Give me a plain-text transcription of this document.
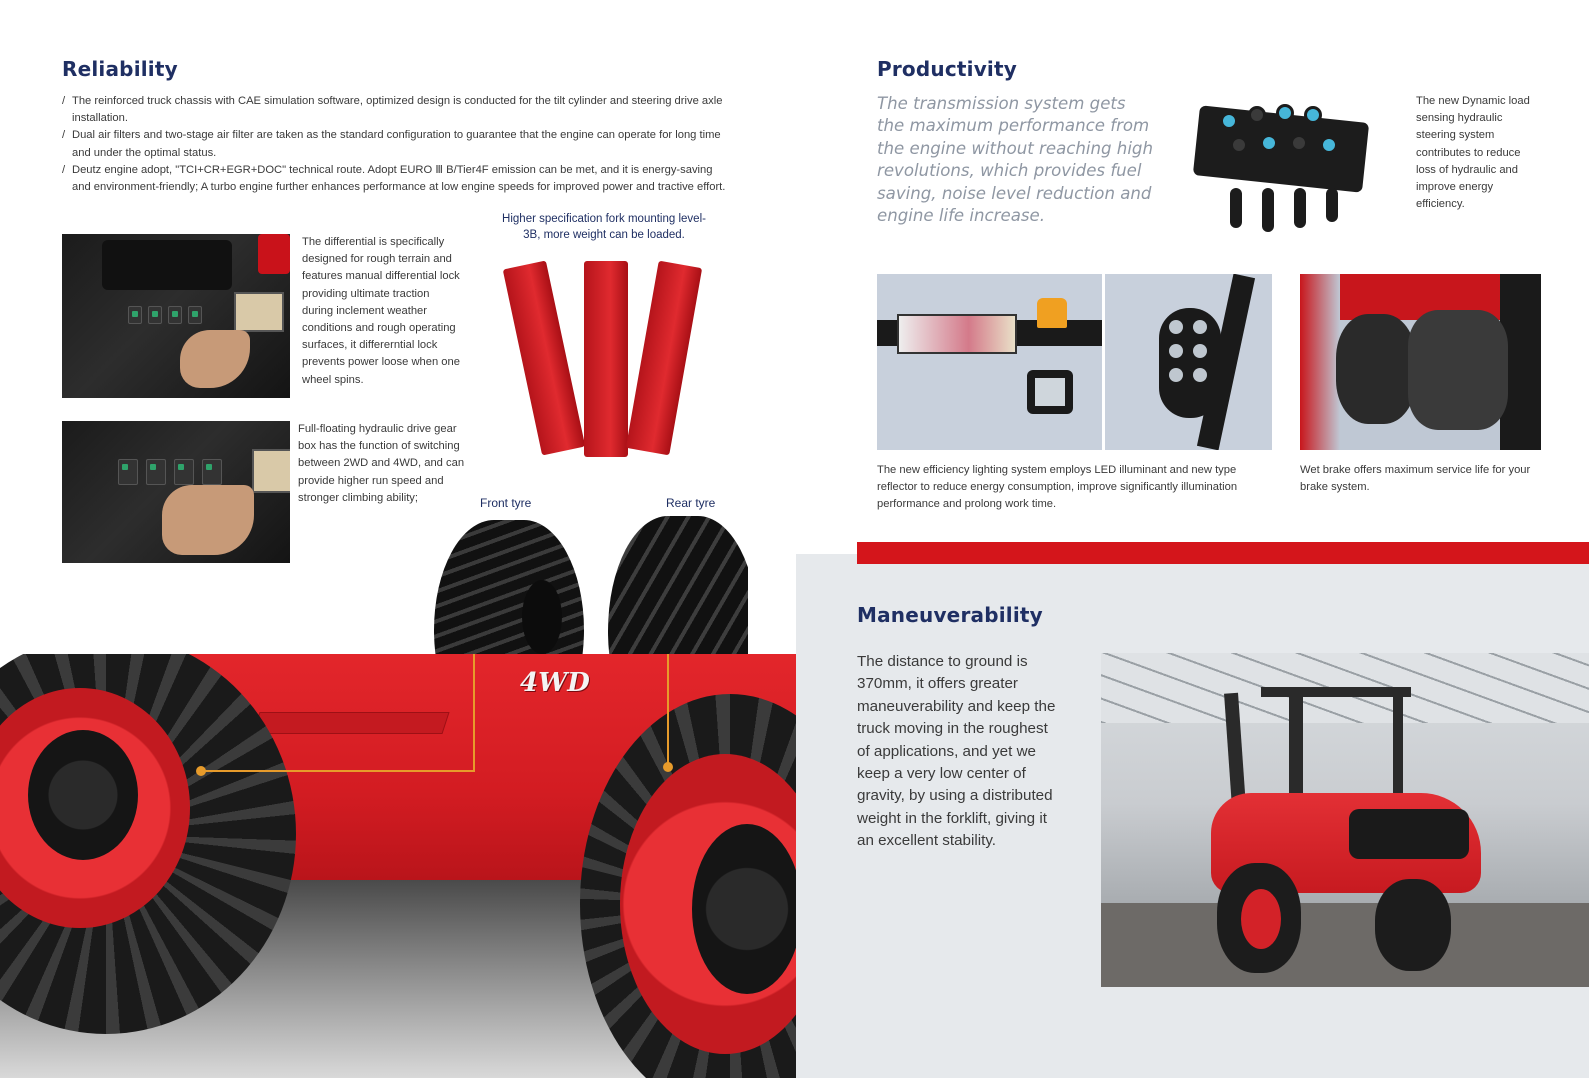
Reliability
/ The reinforced truck chassis with CAE simulation software, optimized design is conducted for the tilt cylinder and steering drive axle installation.
/ Dual air filters and two-stage air filter are taken as the standard configuration to guarantee that the engine can operate for long time and under the optimal status.
/ Deutz engine adopt, "TCI+CR+EGR+DOC" technical route. Adopt EURO Ⅲ B/Tier4F emission can be met, and it is energy-saving and environment-friendly; A turbo engine further enhances performance at low engine speeds for improved power and tractive effort.

The differential is specifically designed for rough terrain and features manual differential lock providing ultimate traction during inclement weather conditions and rough operating surfaces, it differerntial lock prevents power loose when one wheel spins.

Full-floating hydraulic drive gear box has the function of switching between 2WD and 4WD, and can provide higher run speed and stronger climbing ability;

Higher specification fork mounting level-3B, more weight can be loaded.

Front tyre	Rear tyre
4WD
Productivity

The transmission system gets the maximum performance from the engine without reaching high revolutions, which provides fuel saving, noise level reduction and engine life increase.

The new Dynamic load sensing hydraulic steering system contributes to reduce loss of hydraulic and improve energy efficiency.

The new efficiency lighting system employs LED illuminant and new type reflector to reduce energy consumption, improve significantly illumination performance and prolong work time.

Wet brake offers maximum service life for your brake system.

Maneuverability

The distance to ground is 370mm, it offers greater maneuverability and keep the truck moving in the roughest of applications, and yet we keep a very low center of gravity, by using a distributed weight in the forklift, giving it an excellent stability.
